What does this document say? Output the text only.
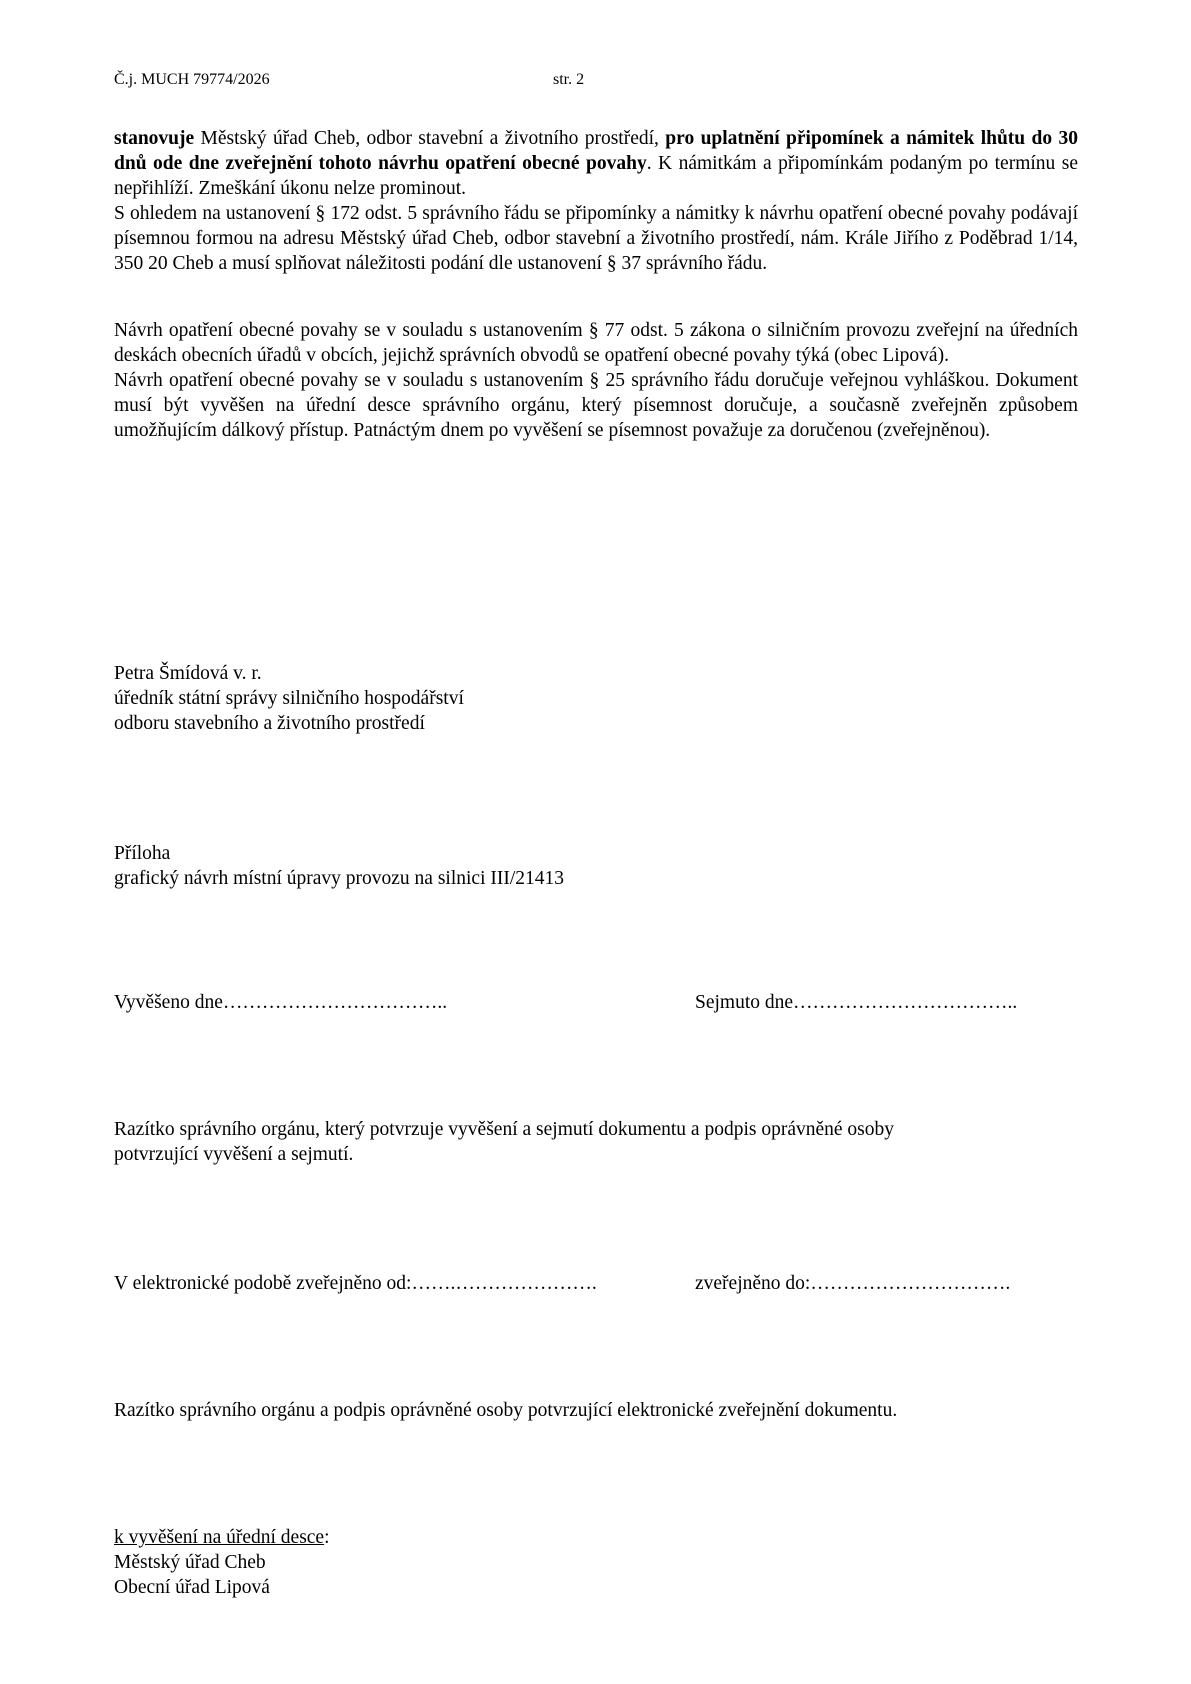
Č.j. MUCH 79774/2026	str. 2

stanovuje Městský úřad Cheb, odbor stavební a životního prostředí, pro uplatnění připomínek a námitek lhůtu do 30 dnů ode dne zveřejnění tohoto návrhu opatření obecné povahy. K námitkám a připomínkám podaným po termínu se nepřihlíží. Zmeškání úkonu nelze prominout.

S ohledem na ustanovení § 172 odst. 5 správního řádu se připomínky a námitky k návrhu opatření obecné povahy podávají písemnou formou na adresu Městský úřad Cheb, odbor stavební a životního prostředí, nám. Krále Jiřího z Poděbrad 1/14, 350 20 Cheb a musí splňovat náležitosti podání dle ustanovení § 37 správního řádu.

Návrh opatření obecné povahy se v souladu s ustanovením § 77 odst. 5 zákona o silničním provozu zveřejní na úředních deskách obecních úřadů v obcích, jejichž správních obvodů se opatření obecné povahy týká (obec Lipová).

Návrh opatření obecné povahy se v souladu s ustanovením § 25 správního řádu doručuje veřejnou vyhláškou. Dokument musí být vyvěšen na úřední desce správního orgánu, který písemnost doručuje, a současně zveřejněn způsobem umožňujícím dálkový přístup. Patnáctým dnem po vyvěšení se písemnost považuje za doručenou (zveřejněnou).

Petra Šmídová v. r.

úředník státní správy silničního hospodářství

odboru stavebního a životního prostředí

Příloha

grafický návrh místní úpravy provozu na silnici III/21413

Vyvěšeno dne……………………………..	Sejmuto dne……………………………..

Razítko správního orgánu, který potvrzuje vyvěšení a sejmutí dokumentu a podpis oprávněné osoby

potvrzující vyvěšení a sejmutí.

V elektronické podobě zveřejněno od:…….………………….	zveřejněno do:………………………….
Razítko správního orgánu a podpis oprávněné osoby potvrzující elektronické zveřejnění dokumentu.

k vyvěšení na úřední desce:

Městský úřad Cheb

Obecní úřad Lipová
